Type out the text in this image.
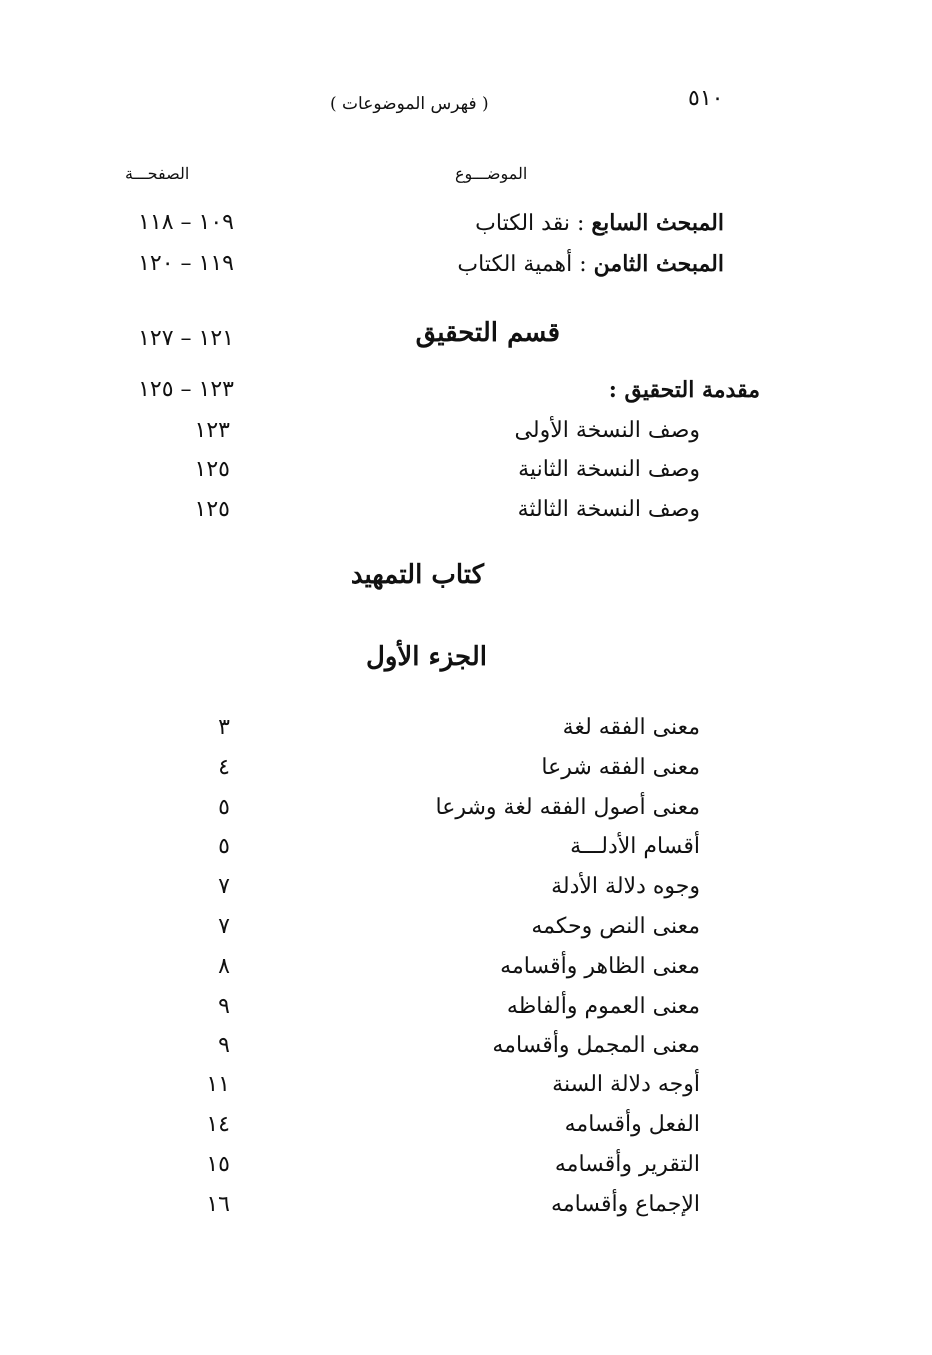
٥١٠
( فهرس الموضوعات )
الموضـــوع
الصفحـــة
المبحث السابع : نقد الكتاب
١٠٩ – ١١٨
المبحث الثامن : أهمية الكتاب
١١٩ – ١٢٠
قسم التحقيق
١٢١ – ١٢٧
مقدمة التحقيق :
١٢٣ – ١٢٥
وصف النسخة الأولى
١٢٣
وصف النسخة الثانية
١٢٥
وصف النسخة الثالثة
١٢٥
كتاب التمهيد
الجزء الأول
معنى الفقه لغة
٣
معنى الفقه شرعا
٤
معنى أصول الفقه لغة وشرعا
٥
أقسام الأدلـــة
٥
وجوه دلالة الأدلة
٧
معنى النص وحكمه
٧
معنى الظاهر وأقسامه
٨
معنى العموم وألفاظه
٩
معنى المجمل وأقسامه
٩
أوجه دلالة السنة
١١
الفعل وأقسامه
١٤
التقرير وأقسامه
١٥
الإجماع وأقسامه
١٦
